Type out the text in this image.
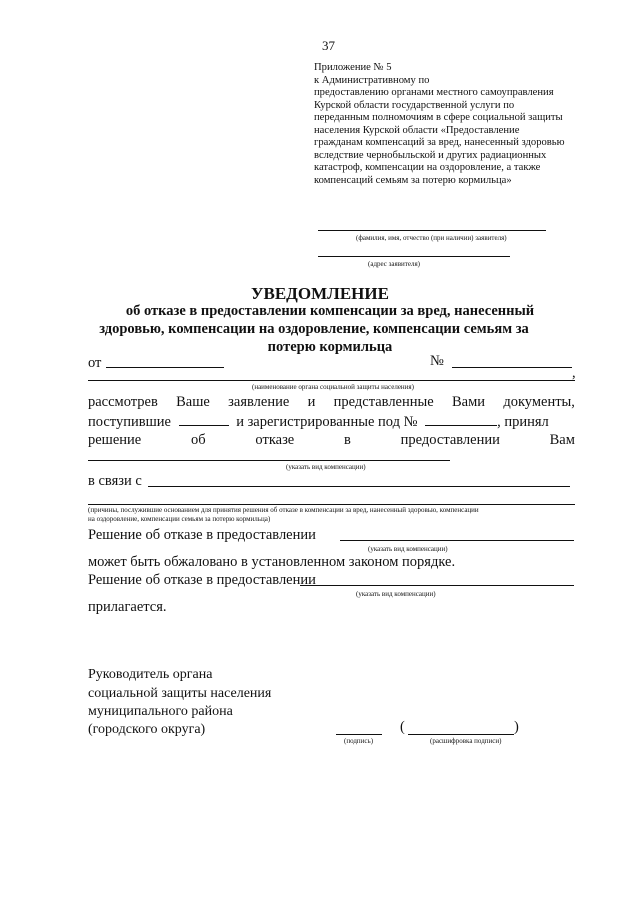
37
Приложение № 5
к Административному по
предоставлению органами местного самоуправления
Курской области государственной услуги по
переданным полномочиям в сфере социальной защиты
населения Курской области «Предоставление
гражданам компенсаций за вред, нанесенный здоровью
вследствие чернобыльской и других радиационных
катастроф, компенсации на оздоровление, а также
компенсаций семьям за потерю кормильца»
(фамилия, имя, отчество (при наличии) заявителя)
(адрес заявителя)
УВЕДОМЛЕНИЕ
об отказе в предоставлении компенсации за вред, нанесенный
здоровью, компенсации на оздоровление, компенсации семьям за
потерю кормильца
от	№
,
(наименование органа социальной защиты населения)
рассмотрев Ваше заявление и представленные Вами документы,
поступившие	и зарегистрированные под №	, принял
решение	об	отказе	в	предоставлении	Вам
(указать вид компенсации)
в связи с
(причины, послужившие основанием для принятия решения об отказе в компенсации за вред, нанесенный здоровью, компенсации
на оздоровление, компенсации семьям за потерю кормильца)
Решение об отказе в предоставлении
(указать вид компенсации)
может быть обжаловано в установленном законом порядке.
Решение об отказе в предоставлении
(указать вид компенсации)
прилагается.
Руководитель органа
социальной защиты населения
муниципального района
(городского округа)
(подпись)
(	)
(расшифровка подписи)
